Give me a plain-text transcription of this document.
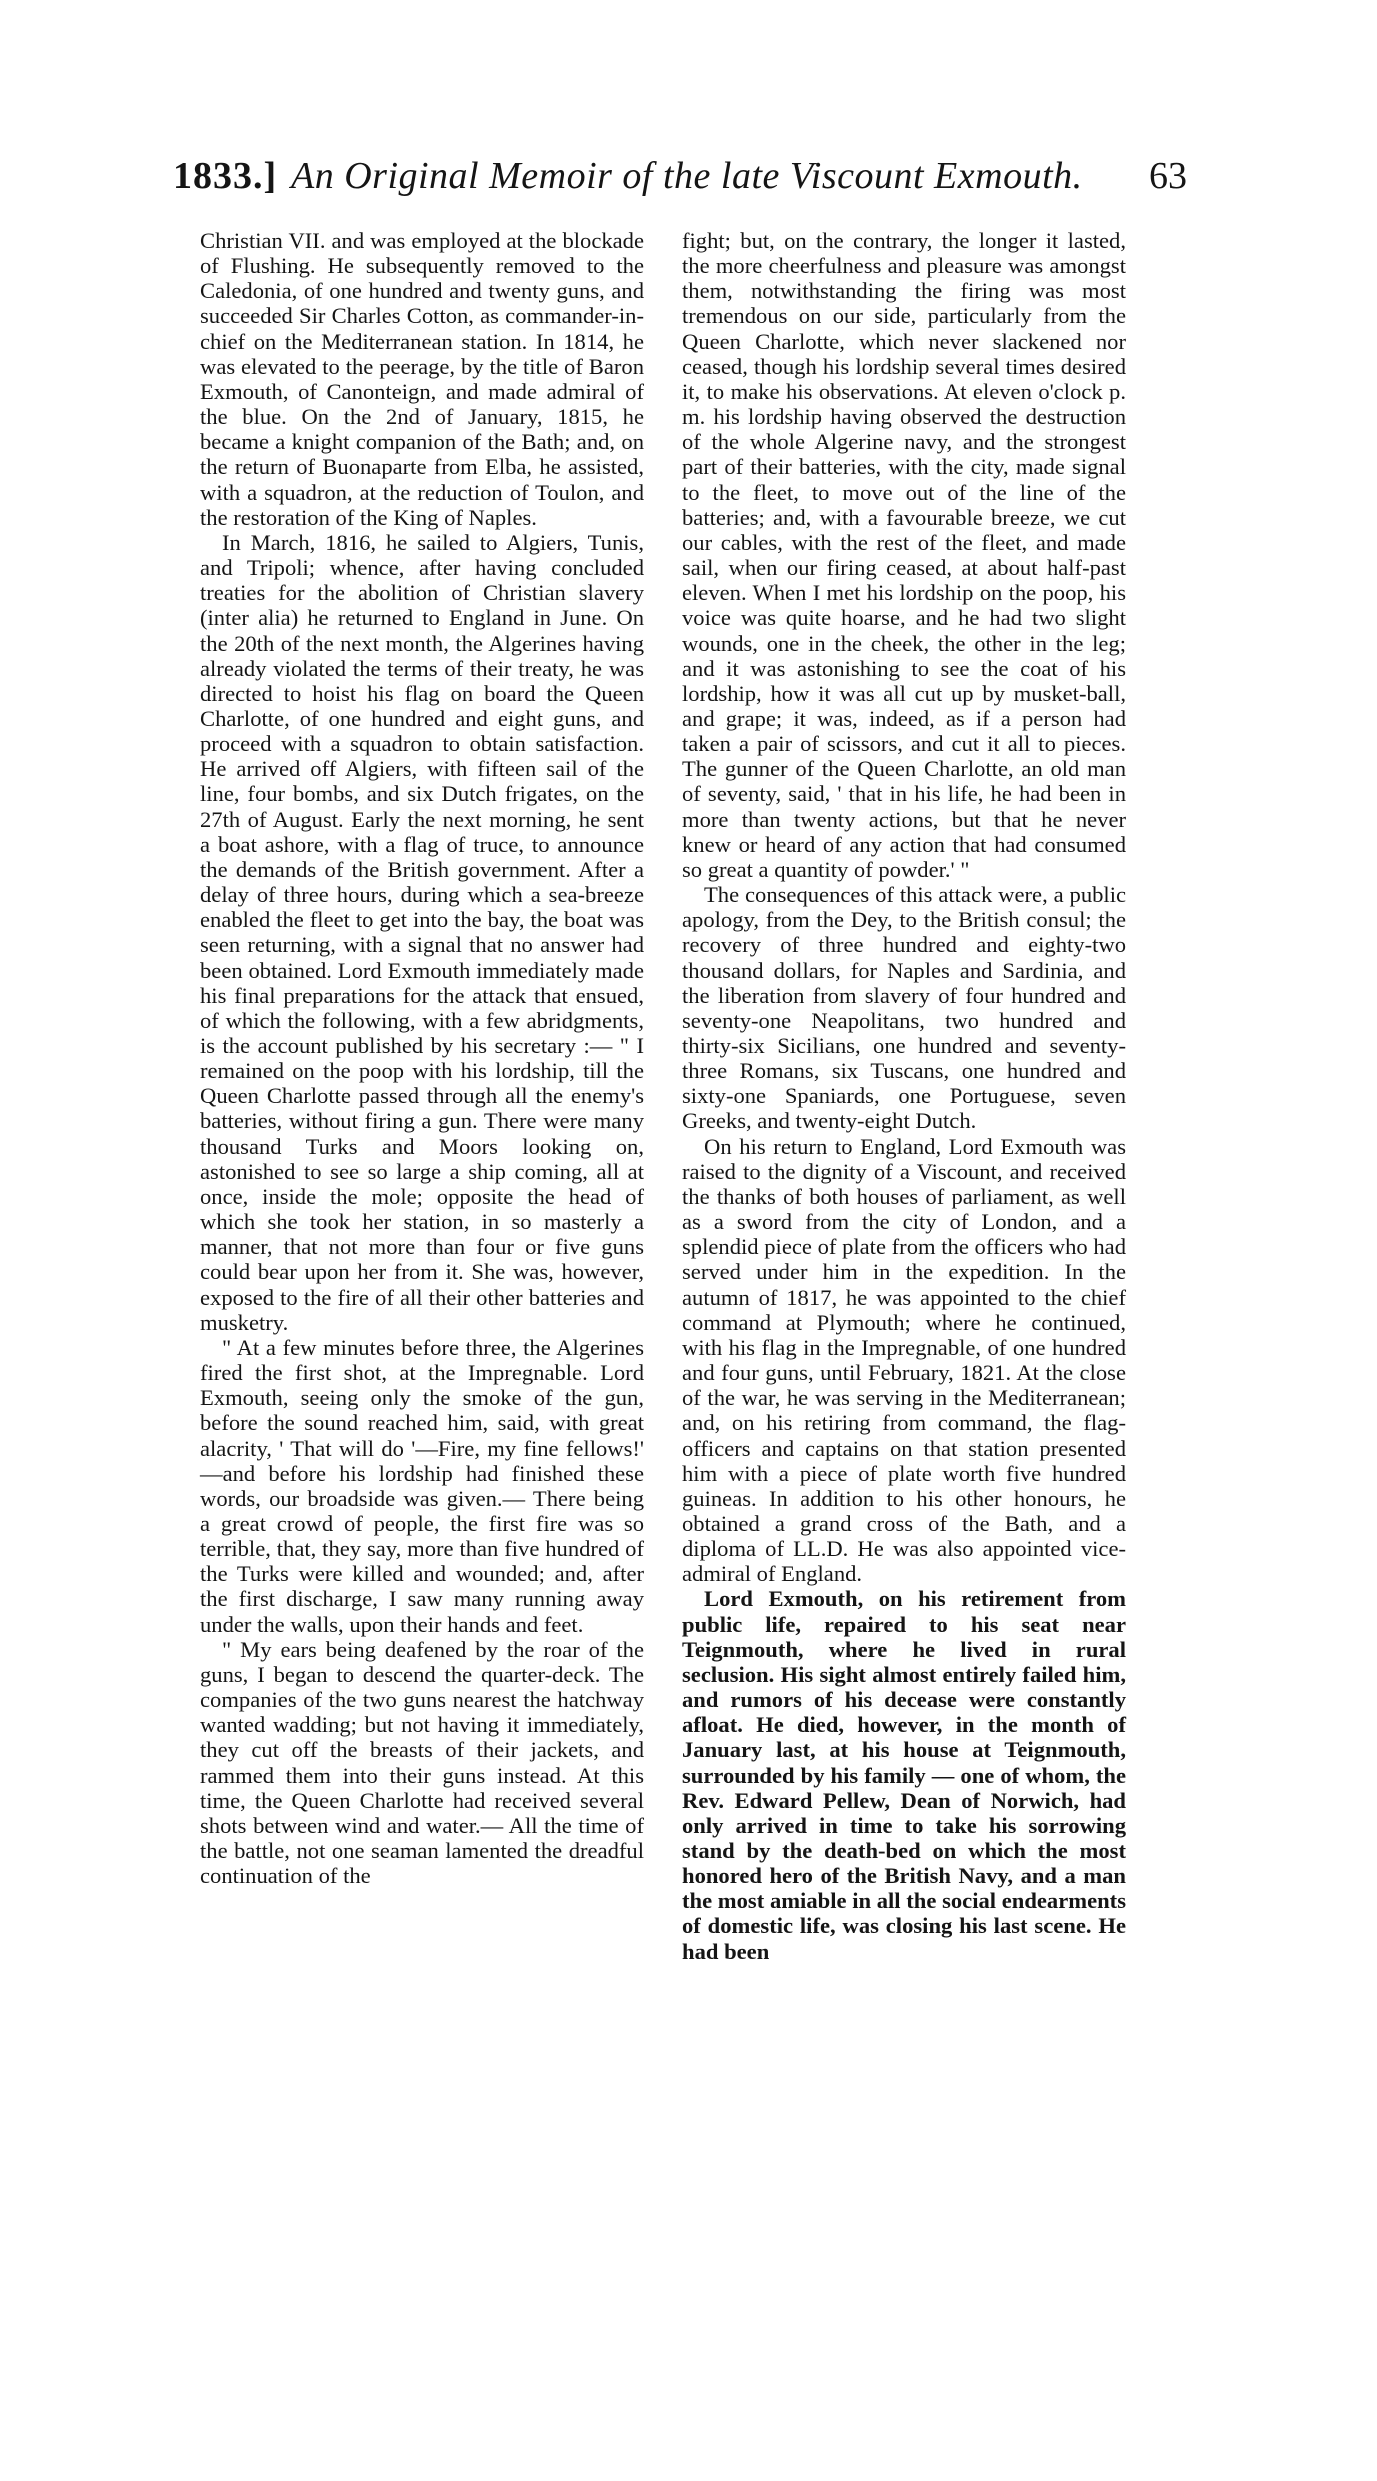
1833.] An Original Memoir of the late Viscount Exmouth. 63

Christian VII. and was employed at the blockade of Flushing. He subsequently removed to the Caledonia, of one hundred and twenty guns, and succeeded Sir Charles Cotton, as commander-in-chief on the Mediterranean station. In 1814, he was elevated to the peerage, by the title of Baron Exmouth, of Canonteign, and made admiral of the blue. On the 2nd of January, 1815, he became a knight companion of the Bath; and, on the return of Buonaparte from Elba, he assisted, with a squadron, at the reduction of Toulon, and the restoration of the King of Naples.

In March, 1816, he sailed to Algiers, Tunis, and Tripoli; whence, after having concluded treaties for the abolition of Christian slavery (inter alia) he returned to England in June. On the 20th of the next month, the Algerines having already violated the terms of their treaty, he was directed to hoist his flag on board the Queen Charlotte, of one hundred and eight guns, and proceed with a squadron to obtain satisfaction. He arrived off Algiers, with fifteen sail of the line, four bombs, and six Dutch frigates, on the 27th of August. Early the next morning, he sent a boat ashore, with a flag of truce, to announce the demands of the British government. After a delay of three hours, during which a sea-breeze enabled the fleet to get into the bay, the boat was seen returning, with a signal that no answer had been obtained. Lord Exmouth immediately made his final preparations for the attack that ensued, of which the following, with a few abridgments, is the account published by his secretary :— " I remained on the poop with his lordship, till the Queen Charlotte passed through all the enemy's batteries, without firing a gun. There were many thousand Turks and Moors looking on, astonished to see so large a ship coming, all at once, inside the mole; opposite the head of which she took her station, in so masterly a manner, that not more than four or five guns could bear upon her from it. She was, however, exposed to the fire of all their other batteries and musketry.

" At a few minutes before three, the Algerines fired the first shot, at the Impregnable. Lord Exmouth, seeing only the smoke of the gun, before the sound reached him, said, with great alacrity, ' That will do '—Fire, my fine fellows!' —and before his lordship had finished these words, our broadside was given.— There being a great crowd of people, the first fire was so terrible, that, they say, more than five hundred of the Turks were killed and wounded; and, after the first discharge, I saw many running away under the walls, upon their hands and feet.

" My ears being deafened by the roar of the guns, I began to descend the quarter-deck. The companies of the two guns nearest the hatchway wanted wadding; but not having it immediately, they cut off the breasts of their jackets, and rammed them into their guns instead. At this time, the Queen Charlotte had received several shots between wind and water.— All the time of the battle, not one seaman lamented the dreadful continuation of the

fight; but, on the contrary, the longer it lasted, the more cheerfulness and pleasure was amongst them, notwithstanding the firing was most tremendous on our side, particularly from the Queen Charlotte, which never slackened nor ceased, though his lordship several times desired it, to make his observations. At eleven o'clock p. m. his lordship having observed the destruction of the whole Algerine navy, and the strongest part of their batteries, with the city, made signal to the fleet, to move out of the line of the batteries; and, with a favourable breeze, we cut our cables, with the rest of the fleet, and made sail, when our firing ceased, at about half-past eleven. When I met his lordship on the poop, his voice was quite hoarse, and he had two slight wounds, one in the cheek, the other in the leg; and it was astonishing to see the coat of his lordship, how it was all cut up by musket-ball, and grape; it was, indeed, as if a person had taken a pair of scissors, and cut it all to pieces. The gunner of the Queen Charlotte, an old man of seventy, said, ' that in his life, he had been in more than twenty actions, but that he never knew or heard of any action that had consumed so great a quantity of powder.' "

The consequences of this attack were, a public apology, from the Dey, to the British consul; the recovery of three hundred and eighty-two thousand dollars, for Naples and Sardinia, and the liberation from slavery of four hundred and seventy-one Neapolitans, two hundred and thirty-six Sicilians, one hundred and seventy-three Romans, six Tuscans, one hundred and sixty-one Spaniards, one Portuguese, seven Greeks, and twenty-eight Dutch.

On his return to England, Lord Exmouth was raised to the dignity of a Viscount, and received the thanks of both houses of parliament, as well as a sword from the city of London, and a splendid piece of plate from the officers who had served under him in the expedition. In the autumn of 1817, he was appointed to the chief command at Plymouth; where he continued, with his flag in the Impregnable, of one hundred and four guns, until February, 1821. At the close of the war, he was serving in the Mediterranean; and, on his retiring from command, the flag-officers and captains on that station presented him with a piece of plate worth five hundred guineas. In addition to his other honours, he obtained a grand cross of the Bath, and a diploma of LL.D. He was also appointed vice-admiral of England.

Lord Exmouth, on his retirement from public life, repaired to his seat near Teignmouth, where he lived in rural seclusion. His sight almost entirely failed him, and rumors of his decease were constantly afloat. He died, however, in the month of January last, at his house at Teignmouth, surrounded by his family — one of whom, the Rev. Edward Pellew, Dean of Norwich, had only arrived in time to take his sorrowing stand by the death-bed on which the most honored hero of the British Navy, and a man the most amiable in all the social endearments of domestic life, was closing his last scene. He had been
